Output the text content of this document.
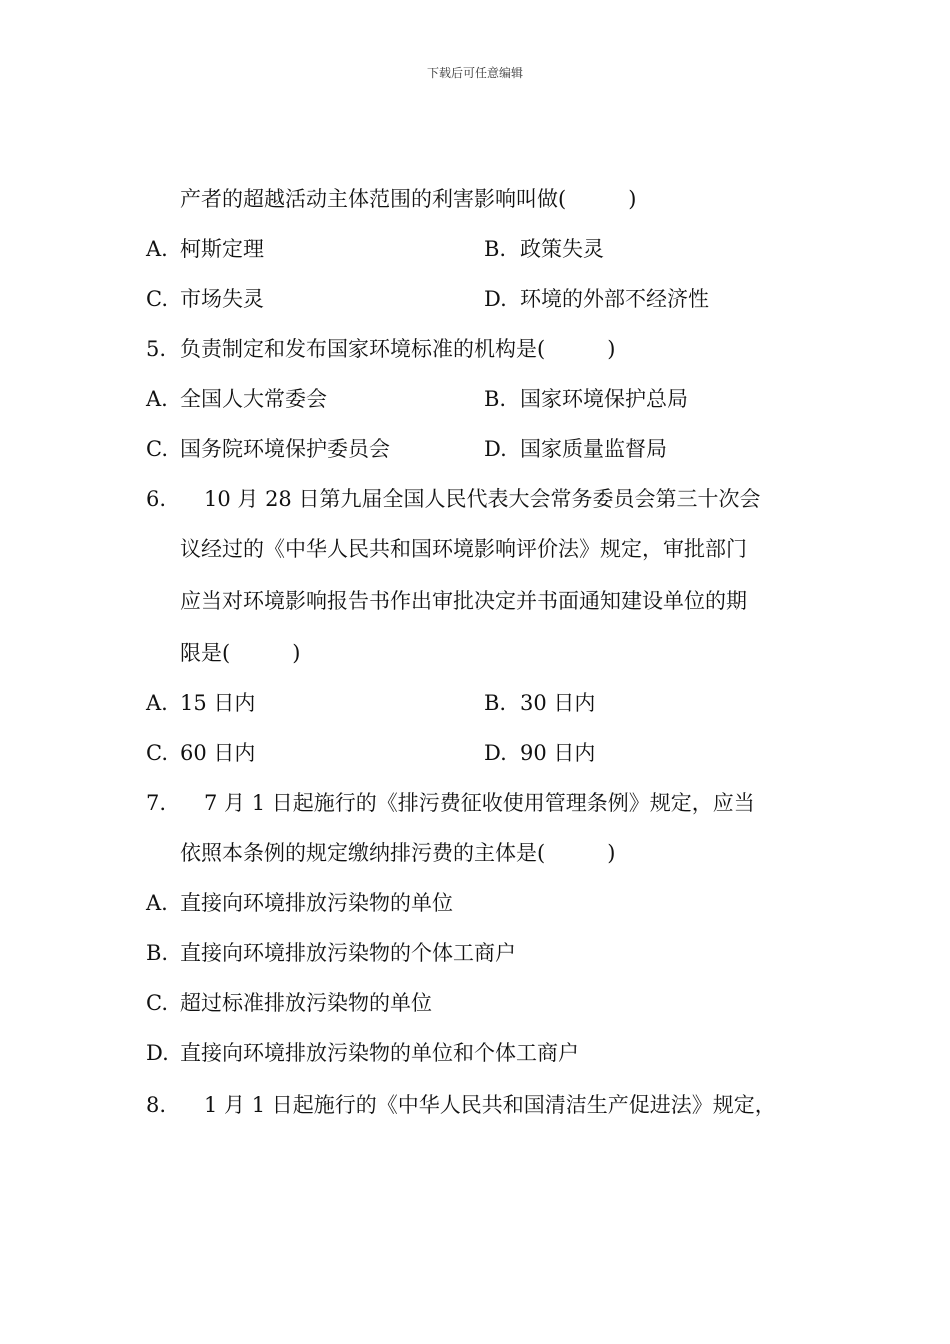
下载后可任意编辑
产者的超越活动主体范围的利害影响叫做(	)
A. 柯斯定理	B. 政策失灵
C. 市场失灵	D. 环境的外部不经济性
5. 负责制定和发布国家环境标准的机构是(	)
A. 全国人大常委会	B. 国家环境保护总局
C. 国务院环境保护委员会	D. 国家质量监督局
6. 10 月 28 日第九届全国人民代表大会常务委员会第三十次会
议经过的《中华人民共和国环境影响评价法》规定，审批部门
应当对环境影响报告书作出审批决定并书面通知建设单位的期
限是(	)
A. 15 日内	B. 30 日内
C. 60 日内	D. 90 日内
7. 7 月 1 日起施行的《排污费征收使用管理条例》规定，应当
依照本条例的规定缴纳排污费的主体是(	)
A. 直接向环境排放污染物的单位
B. 直接向环境排放污染物的个体工商户
C. 超过标准排放污染物的单位
D. 直接向环境排放污染物的单位和个体工商户
8. 1 月 1 日起施行的《中华人民共和国清洁生产促进法》规定，
